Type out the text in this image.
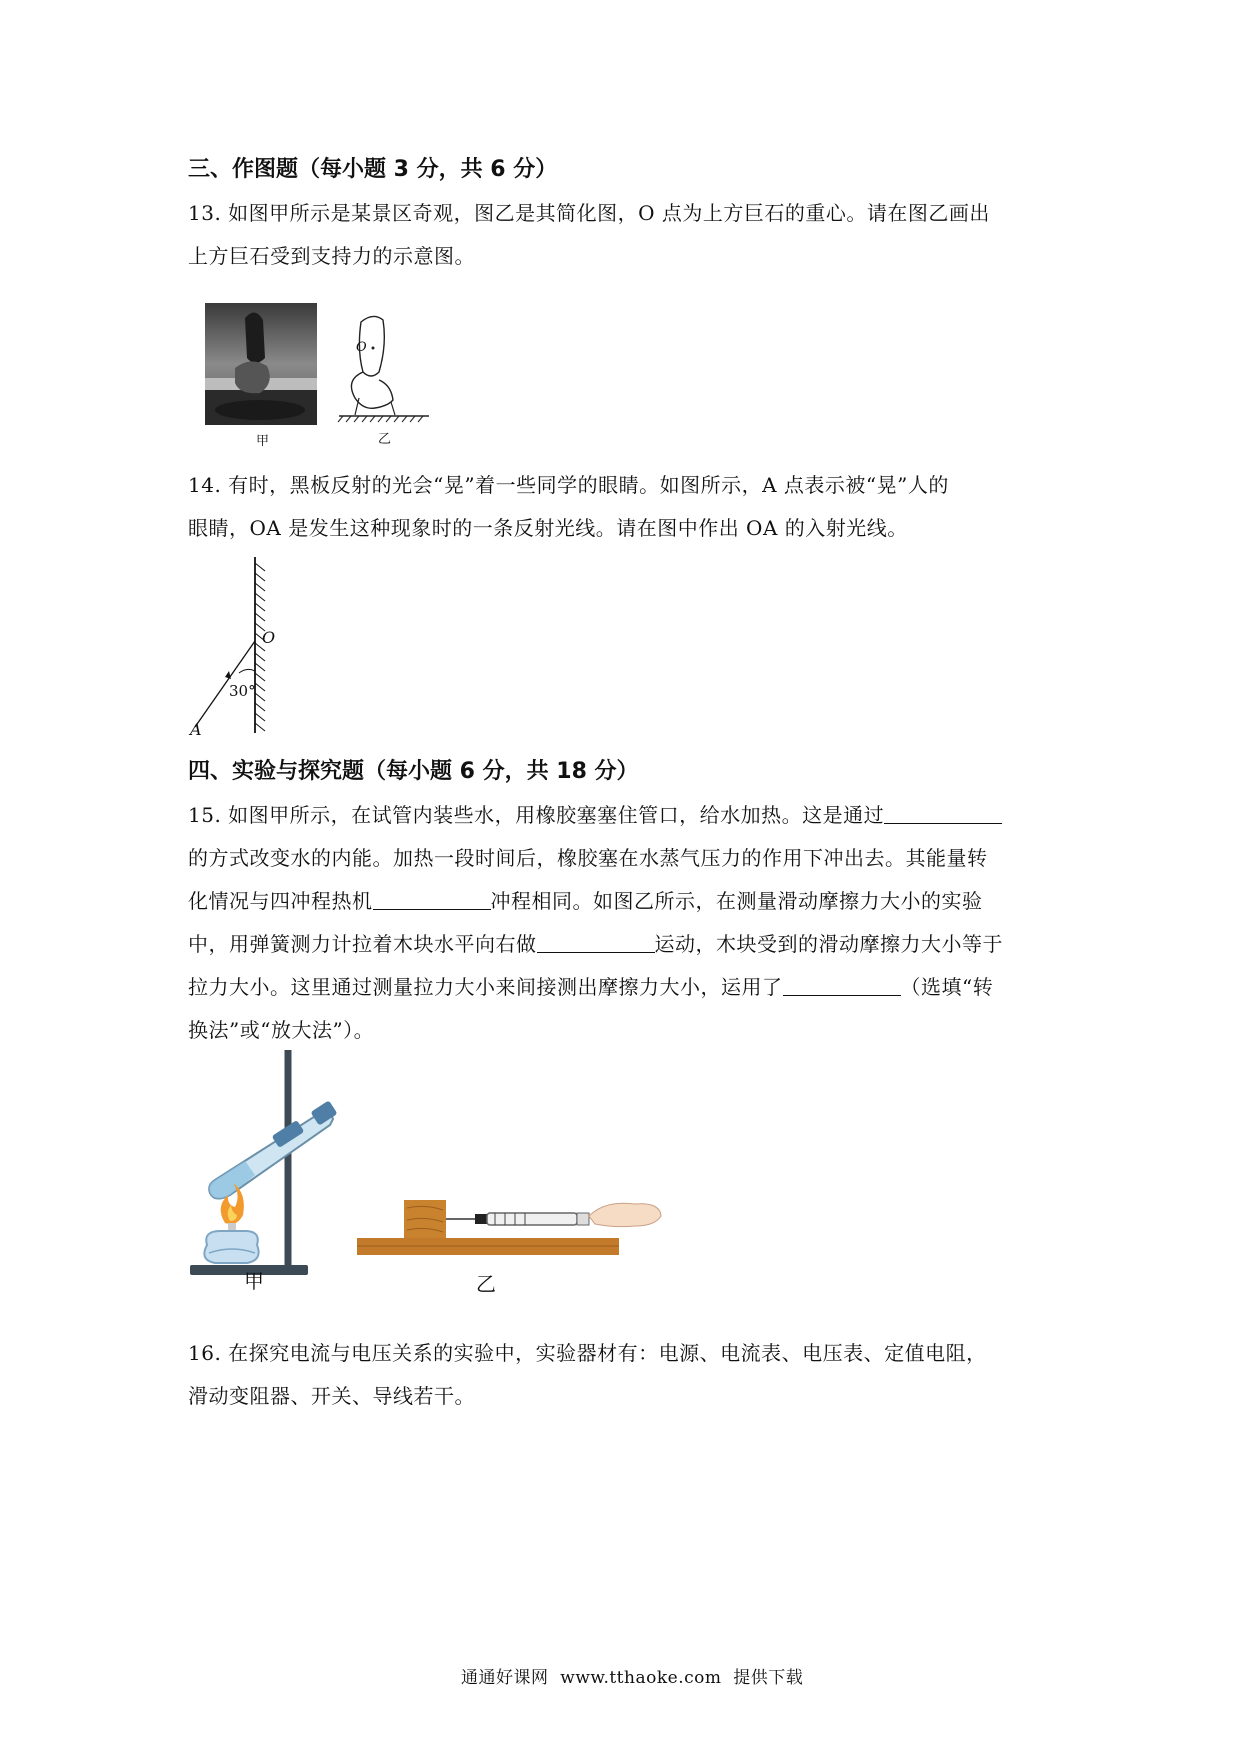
三、作图题（每小题 3 分，共 6 分）
13. 如图甲所示是某景区奇观，图乙是其简化图，O 点为上方巨石的重心。请在图乙画出
上方巨石受到支持力的示意图。
甲
O
乙
14. 有时，黑板反射的光会“晃”着一些同学的眼睛。如图所示，A 点表示被“晃”人的
眼睛，OA 是发生这种现象时的一条反射光线。请在图中作出 OA 的入射光线。
O
30°
A
四、实验与探究题（每小题 6 分，共 18 分）
15. 如图甲所示，在试管内装些水，用橡胶塞塞住管口，给水加热。这是通过
的方式改变水的内能。加热一段时间后，橡胶塞在水蒸气压力的作用下冲出去。其能量转
化情况与四冲程热机	冲程相同。如图乙所示，在测量滑动摩擦力大小的实验
中，用弹簧测力计拉着木块水平向右做	运动，木块受到的滑动摩擦力大小等于
拉力大小。这里通过测量拉力大小来间接测出摩擦力大小，运用了	（选填“转
换法”或“放大法”）。
甲	乙
16. 在探究电流与电压关系的实验中，实验器材有：电源、电流表、电压表、定值电阻，
滑动变阻器、开关、导线若干。
通通好课网  www.tthaoke.com  提供下载
